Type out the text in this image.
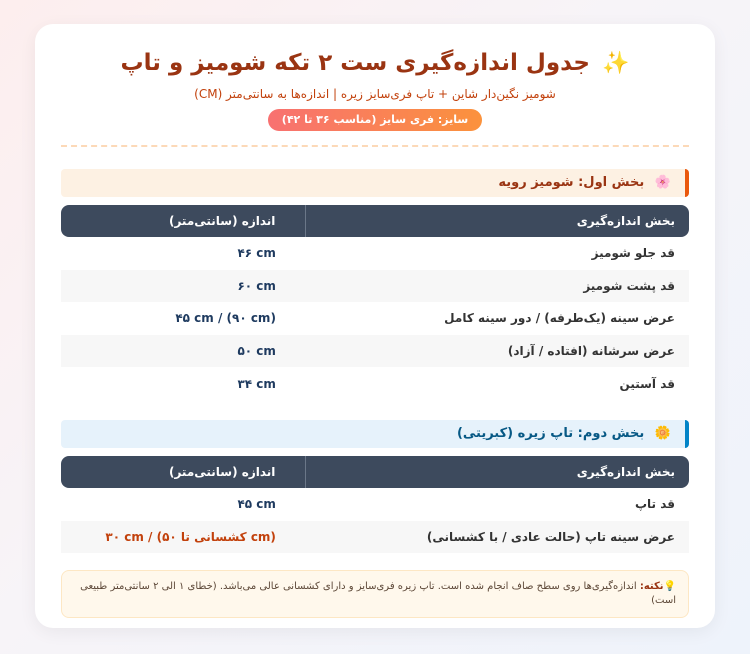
✨ جدول اندازه‌گیری ست ۲ تکه شومیز و تاپ
شومیز نگین‌دار شاین + تاپ فری‌سایز زیره | اندازه‌ها به سانتی‌متر (CM)
سایز: فری سایز (مناسب ۳۶ تا ۴۲)
🌸 بخش اول: شومیز رویه
بخش اندازه‌گیری	اندازه (سانتی‌متر)
قد جلو شومیز	۴۶ cm
قد پشت شومیز	۶۰ cm
عرض سینه (یک‌طرفه) / دور سینه کامل	۴۵ cm / (۹۰ cm)
عرض سرشانه (افتاده / آزاد)	۵۰ cm
قد آستین	۳۴ cm
🌼 بخش دوم: تاپ زیره (کبریتی)
بخش اندازه‌گیری	اندازه (سانتی‌متر)
قد تاپ	۴۵ cm
عرض سینه تاپ (حالت عادی / با کشسانی)	۳۰ cm / (کشسانی تا ۵۰ cm)
💡نکته: اندازه‌گیری‌ها روی سطح صاف انجام شده است. تاپ زیره فری‌سایز و دارای کشسانی عالی می‌باشد. (خطای ۱ الی ۲ سانتی‌متر طبیعی است)
